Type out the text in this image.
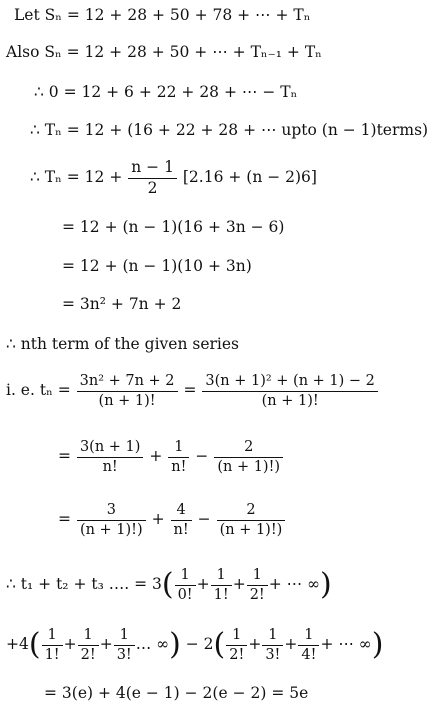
Let Sₙ = 12 + 28 + 50 + 78 + ⋯ + Tₙ
Also Sₙ = 12 + 28 + 50 + ⋯ + Tₙ₋₁ + Tₙ
∴ 0 = 12 + 6 + 22 + 28 + ⋯ − Tₙ
∴ Tₙ = 12 + (16 + 22 + 28 + ⋯ upto (n − 1)terms)
∴ $T_n = 12 + \frac{n - 1}{2} [2.16 + (n - 2)6]$
= 12 + (n − 1)(16 + 3n − 6)
= 12 + (n − 1)(10 + 3n)
= 3n² + 7n + 2
∴ nth term of the given series
i. e. $t_n = \frac{\text{3n² + 7n + 2}}{(n + 1)!} = \frac{\text{3(n + 1)² + (n + 1) − 2}}{(n + 1)!}$
= $\frac{3(n + 1)}{n!} + \frac{1}{n!} - \frac{2}{(n + 1)!)}$
= $\frac{3}{(n + 1)!)} + \frac{4}{n!} - \frac{2}{(n + 1)!)}$
∴ t₁ + t₂ + t₃ …. = $3( \frac{1}{0!} + \frac{1}{1!} + \frac{1}{2!}$ + ⋯ ∞)
$+4( \frac{1}{1!} + \frac{1}{2!} + \frac{1}{3!}$ … ∞) − $2( \frac{1}{2!} + \frac{1}{3!} + \frac{1}{4!}$ + ⋯ ∞)
= 3(e) + 4(e − 1) − 2(e − 2) = 5e
